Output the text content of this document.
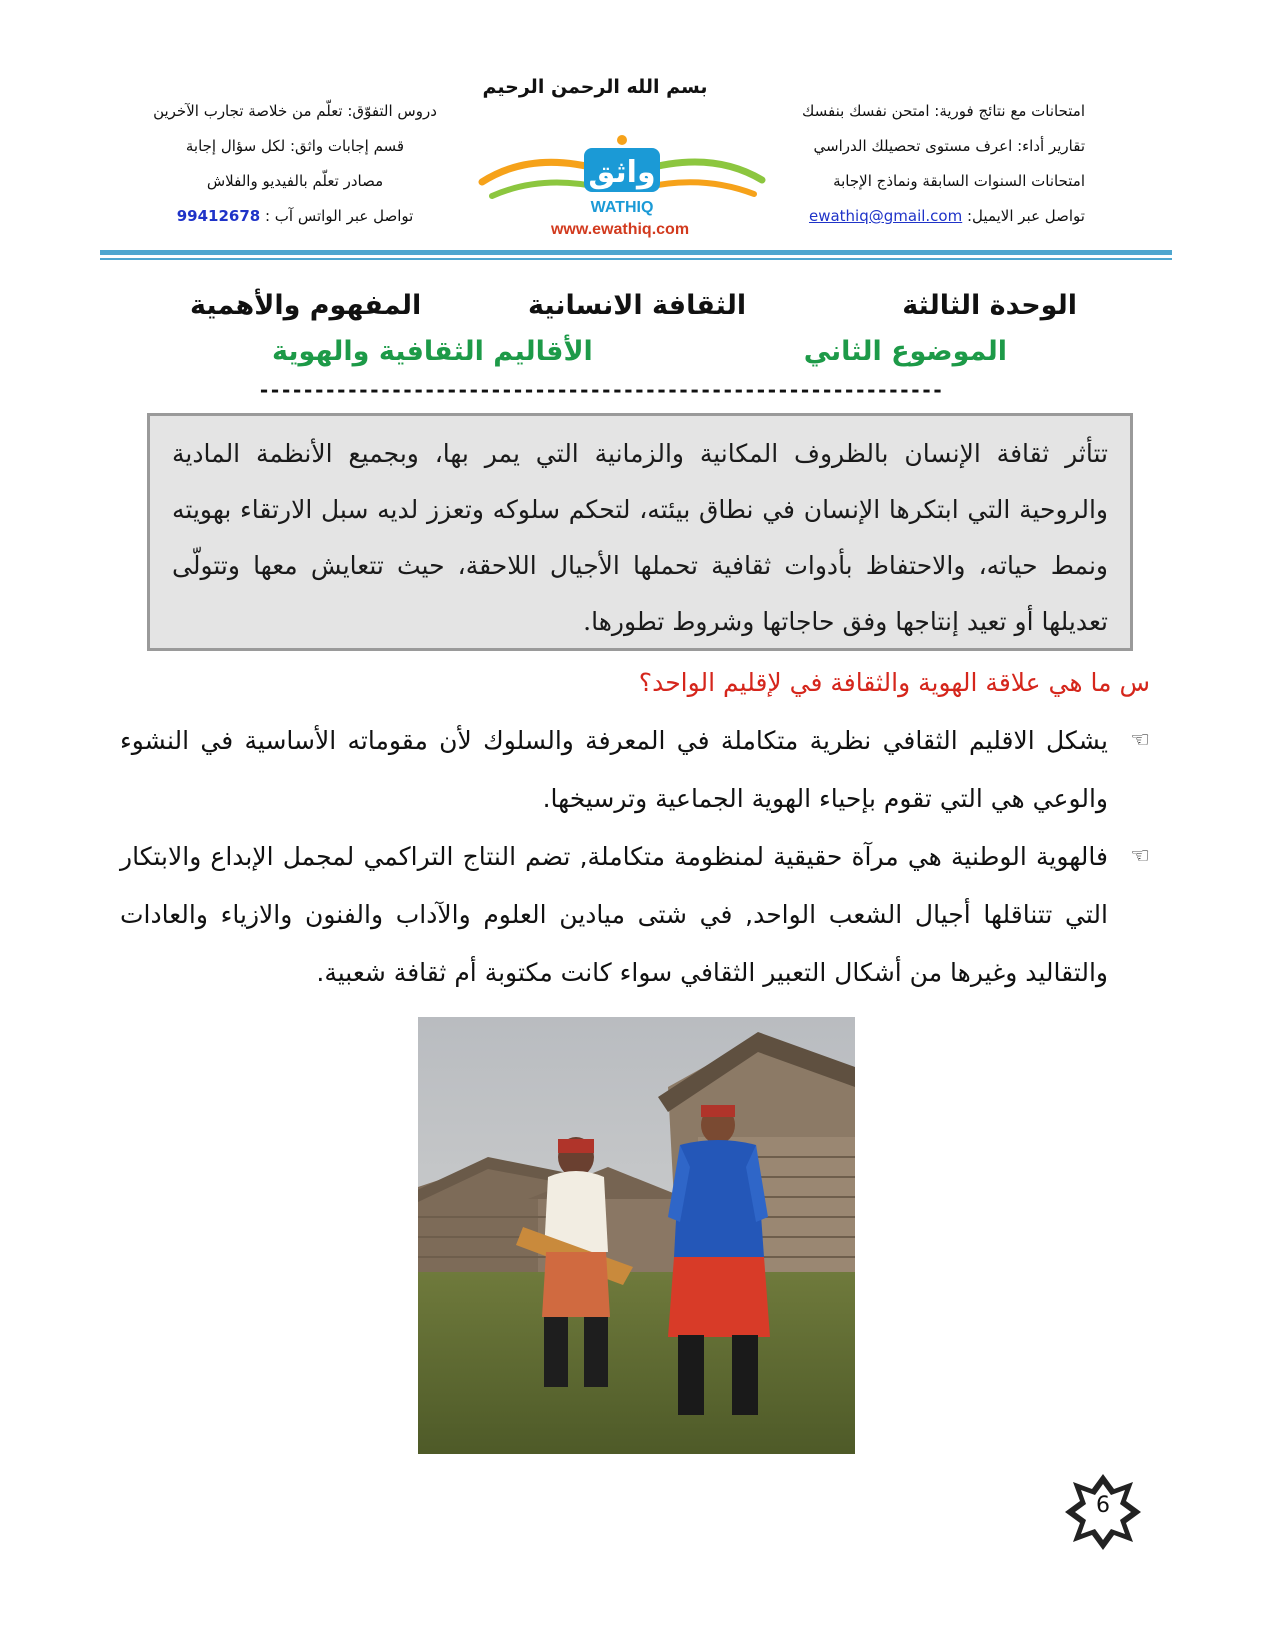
بسم الله الرحمن الرحيم
امتحانات مع نتائج فورية: امتحن نفسك بنفسك
تقارير أداء: اعرف مستوى تحصيلك الدراسي
امتحانات السنوات السابقة ونماذج الإجابة
تواصل عبر الايميل: ewathiq@gmail.com
دروس التفوّق: تعلّم من خلاصة تجارب الآخرين
قسم إجابات واثق: لكل سؤال إجابة
مصادر تعلّم بالفيديو والفلاش
تواصل عبر الواتس آب : 99412678
واثق
WATHIQ
www.ewathiq.com
الوحدة الثالثة
الثقافة الانسانية
المفهوم والأهمية
الموضوع الثاني
الأقاليم الثقافية والهوية
--------------------------------------------------------------
تتأثر ثقافة الإنسان بالظروف المكانية والزمانية التي يمر بها، وبجميع الأنظمة المادية والروحية التي ابتكرها الإنسان في نطاق بيئته، لتحكم سلوكه وتعزز لديه سبل الارتقاء بهويته ونمط حياته، والاحتفاظ بأدوات ثقافية تحملها الأجيال اللاحقة، حيث تتعايش معها وتتولّى تعديلها أو تعيد إنتاجها وفق حاجاتها وشروط تطورها.
س ما هي علاقة الهوية والثقافة في لإقليم الواحد؟
☜
يشكل الاقليم الثقافي نظرية متكاملة في المعرفة والسلوك لأن مقوماته الأساسية في النشوء والوعي هي التي تقوم بإحياء الهوية الجماعية وترسيخها.
☜
فالهوية الوطنية هي مرآة حقيقية لمنظومة متكاملة, تضم النتاج التراكمي لمجمل الإبداع والابتكار التي تتناقلها أجيال الشعب الواحد, في شتى ميادين العلوم والآداب والفنون والازياء والعادات والتقاليد وغيرها من أشكال التعبير الثقافي سواء كانت مكتوبة أم ثقافة شعبية.
6
